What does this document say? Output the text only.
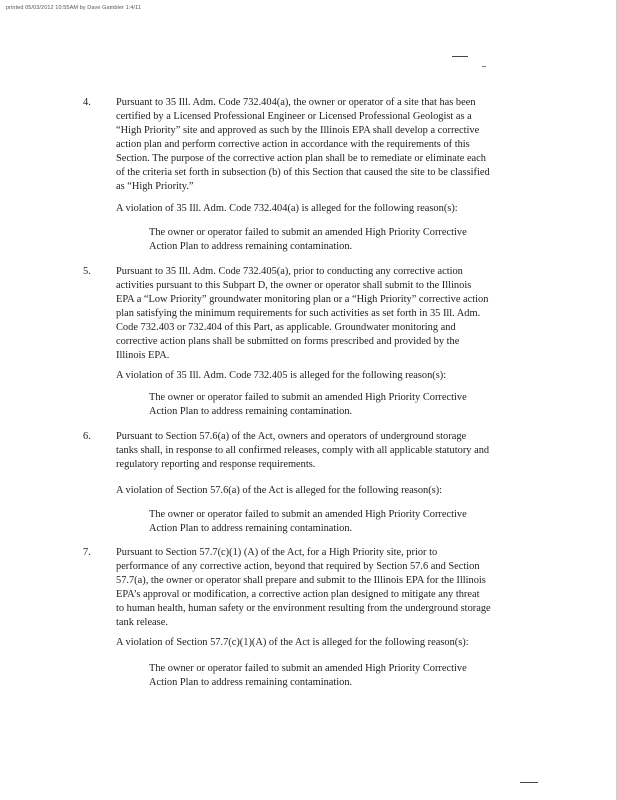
printed 05/03/2012 10:55AM by Dave Gambler 1:4/11
4. Pursuant to 35 Ill. Adm. Code 732.404(a), the owner or operator of a site that has been
certified by a Licensed Professional Engineer or Licensed Professional Geologist as a
“High Priority” site and approved as such by the Illinois EPA shall develop a corrective
action plan and perform corrective action in accordance with the requirements of this
Section. The purpose of the corrective action plan shall be to remediate or eliminate each
of the criteria set forth in subsection (b) of this Section that caused the site to be classified
as “High Priority.”
A violation of 35 Ill. Adm. Code 732.404(a) is alleged for the following reason(s):
The owner or operator failed to submit an amended High Priority Corrective
Action Plan to address remaining contamination.
5. Pursuant to 35 Ill. Adm. Code 732.405(a), prior to conducting any corrective action
activities pursuant to this Subpart D, the owner or operator shall submit to the Illinois
EPA a “Low Priority” groundwater monitoring plan or a “High Priority” corrective action
plan satisfying the minimum requirements for such activities as set forth in 35 Ill. Adm.
Code 732.403 or 732.404 of this Part, as applicable. Groundwater monitoring and
corrective action plans shall be submitted on forms prescribed and provided by the
Illinois EPA.
A violation of 35 Ill. Adm. Code 732.405 is alleged for the following reason(s):
The owner or operator failed to submit an amended High Priority Corrective
Action Plan to address remaining contamination.
6. Pursuant to Section 57.6(a) of the Act, owners and operators of underground storage
tanks shall, in response to all confirmed releases, comply with all applicable statutory and
regulatory reporting and response requirements.
A violation of Section 57.6(a) of the Act is alleged for the following reason(s):
The owner or operator failed to submit an amended High Priority Corrective
Action Plan to address remaining contamination.
7. Pursuant to Section 57.7(c)(1) (A) of the Act, for a High Priority site, prior to
performance of any corrective action, beyond that required by Section 57.6 and Section
57.7(a), the owner or operator shall prepare and submit to the Illinois EPA for the Illinois
EPA’s approval or modification, a corrective action plan designed to mitigate any threat
to human health, human safety or the environment resulting from the underground storage
tank release.
A violation of Section 57.7(c)(1)(A) of the Act is alleged for the following reason(s):
The owner or operator failed to submit an amended High Priority Corrective
Action Plan to address remaining contamination.
